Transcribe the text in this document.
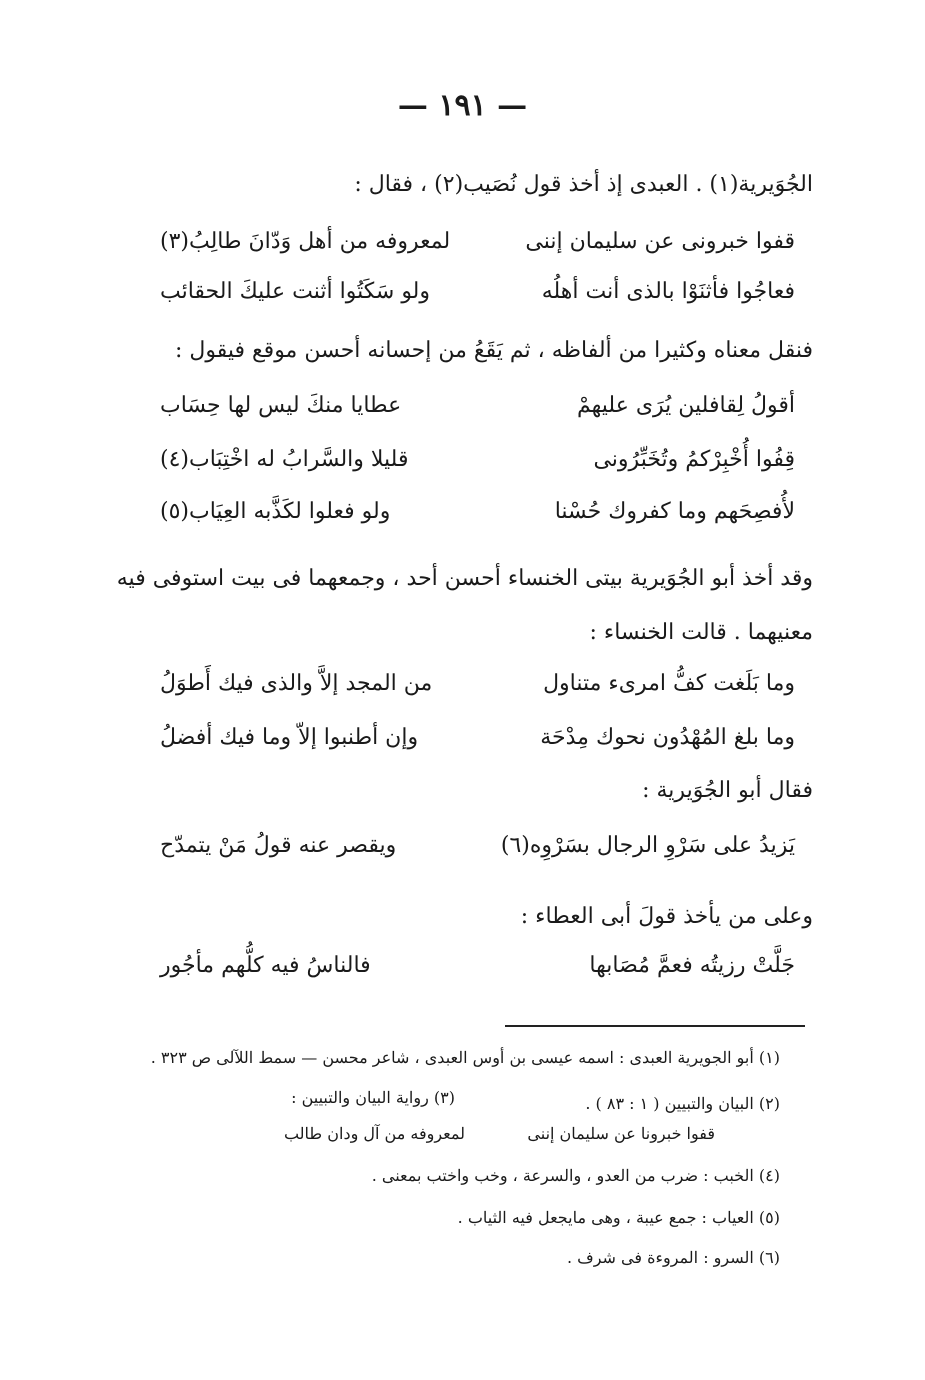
— ١٩١ —
الجُوَيرية(١) . العبدى إذ أخذ قول نُصَيب(٢) ، فقال :
قفوا خبرونى عن سليمان إننى
لمعروفه من أهل وَدّانَ طالِبُ(٣)
فعاجُوا فأثنَوْا بالذى أنت أهلُه
ولو سَكَتُوا أثنت عليكَ الحقائب
فنقل معناه وكثيرا من ألفاظه ، ثم يَقَعُ من إحسانه أحسن موقع فيقول :
أقولُ لِقافلين يُرَى عليهمْ
عطايا منكَ ليس لها حِسَاب
قِفُوا أُخْبِرْكمُ وتُخَبِّرُونى
قليلا والسَّرابُ له اخْتِبَاب(٤)
لأُفصِحَهم وما كفروك حُسْنا
ولو فعلوا لكَذَّبه العِيَاب(٥)
وقد أخذ أبو الجُوَيرية بيتى الخنساء أحسن أحد ، وجمعهما فى بيت استوفى فيه
معنيهما . قالت الخنساء :
وما بَلَغت كفُّ امرىء متناول
من المجد إلاَّ والذى فيك أَطوَلُ
وما بلغ المُهْدُون نحوك مِدْحَة
وإن أطنبوا إلاّ وما فيك أفضلُ
فقال أبو الجُوَيرية :
يَزيدُ على سَرْوِ الرجال بسَرْوِه(٦)
ويقصر عنه قولُ مَنْ يتمدّح
وعلى من يأخذ قولَ أبى العطاء :
جَلَّتْ رزيتُه فعمَّ مُصَابها
فالناسُ فيه كلُّهم مأجُور
(١) أبو الجويرية العبدى : اسمه عيسى بن أوس العبدى ، شاعر محسن — سمط اللآلى ص ٣٢٣ .
(٢) البيان والتبيين ( ١ : ٨٣ ) .
(٣) رواية البيان والتبيين :
قفوا خبرونا عن سليمان إننى
لمعروفه من آل ودان طالب
(٤) الخبب : ضرب من العدو ، والسرعة ، وخب واختب بمعنى .
(٥) العياب : جمع عيبة ، وهى مايجعل فيه الثياب .
(٦) السرو : المروءة فى شرف .
